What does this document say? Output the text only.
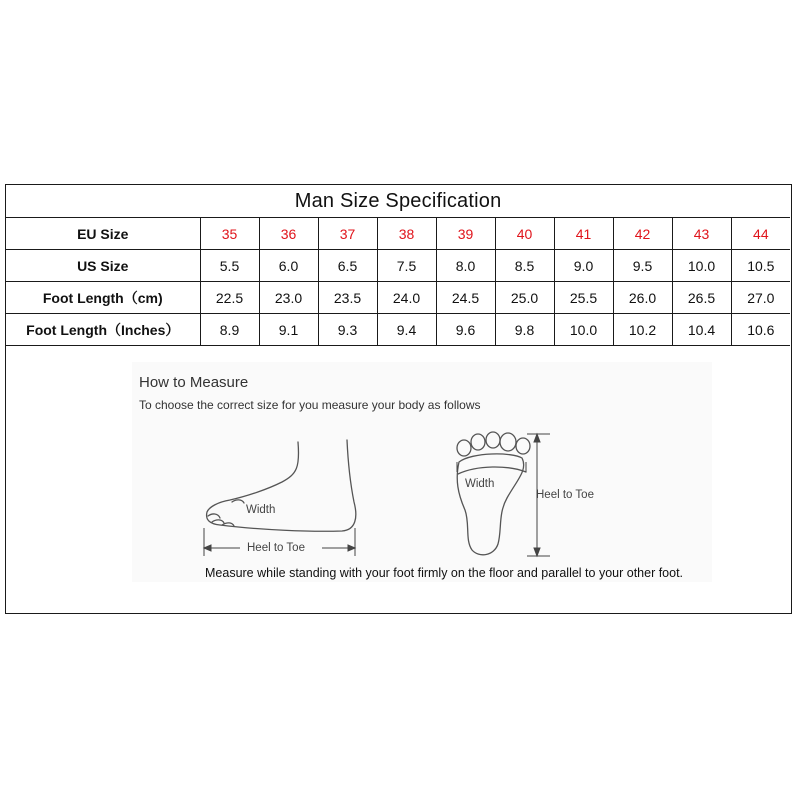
Man Size Specification										
EU Size	35	36	37	38	39	40	41	42	43	44
US Size	5.5	6.0	6.5	7.5	8.0	8.5	9.0	9.5	10.0	10.5
Foot Length（cm)	22.5	23.0	23.5	24.0	24.5	25.0	25.5	26.0	26.5	27.0
Foot Length（Inches）	8.9	9.1	9.3	9.4	9.6	9.8	10.0	10.2	10.4	10.6
How to Measure
To choose the correct size for you measure your body as follows
Width
Heel to Toe
Width
Heel to Toe
Measure while standing with your foot firmly on the floor and parallel to your other foot.
